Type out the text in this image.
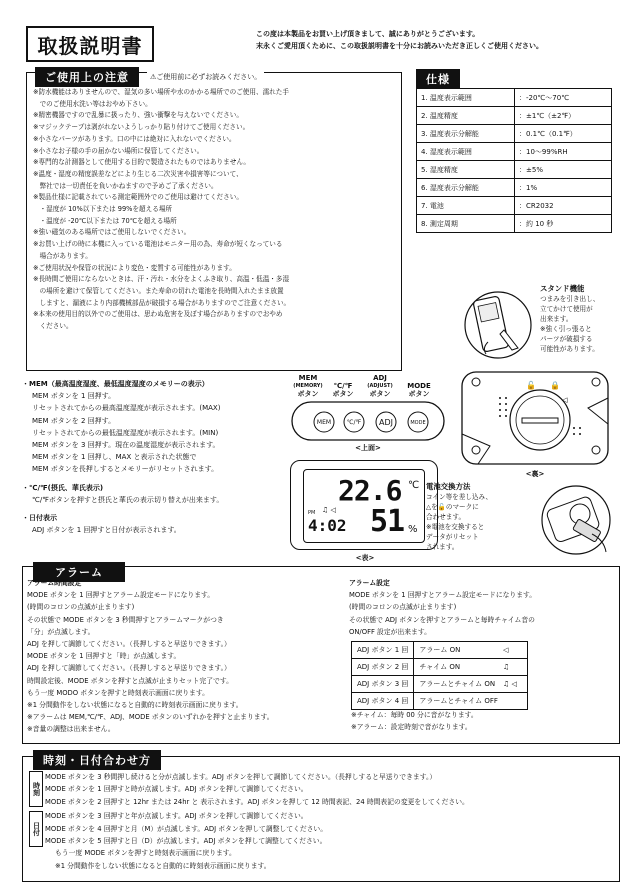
取扱説明書	この度は本製品をお買い上げ頂きまして、誠にありがとうございます。
末永くご愛用頂くために、この取扱説明書を十分にお読みいただき正しくご使用ください。
ご使用上の注意	⚠ご使用前に必ずお読みください。
※防水機能はありませんので、湿気の多い場所や水のかかる場所でのご使用、濡れた手
　でのご使用水洗い等はおやめ下さい。
※精密機器ですので乱暴に扱ったり、強い衝撃を与えないでください。
※マジックテープは剥がれないようしっかり貼り付けてご使用ください。
※小さなパーツがあります。口の中には絶対に入れないでください。
※小さなお子様の手の届かない場所に保管してください。
※専門的な計測器として使用する目的で製造されたものではありません。
※温度・湿度の精度誤差などにより生じる二次災害や損害等について、
　弊社では一切責任を負いかねますので予めご了承ください。
※製品仕様に記載されている測定範囲外でのご使用は避けてください。
　・湿度が 10%以下または 99%を超える場所
　・温度が -20℃以下または 70℃を超える場所
※強い磁気のある場所ではご使用しないでください。
※お買い上げの時に本機に入っている電池はモニター用の為、寿命が短くなっている
　場合があります。
※ご使用状況や保管の状況により変色・変質する可能性があります。
※長時間ご使用にならないときは、汗・汚れ・水分をよくふき取り、高温・低温・多湿
　の場所を避けて保管してください。また寿命の切れた電池を長時間入れたまま放置
　しますと、漏液により内部機械部品が破損する場合がありますのでご注意ください。
※本来の使用目的以外でのご使用は、思わぬ危害を及ぼす場合がありますのでおやめ
　ください。
仕様
1. 温度表示範囲	：-20℃〜70℃
2. 温度精度	：±1℃（±2℉）
3. 温度表示分解能	：0.1℃（0.1℉）
4. 湿度表示範囲	：10〜99%RH
5. 湿度精度	：±5%
6. 湿度表示分解能	：1%
7. 電池	：CR2032
8. 測定周期	：約 10 秒
スタンド機能
つまみを引き出し、
立てかけて使用が
出来ます。
※強く引っ張ると
パーツが破損する
可能性があります。
🔓 🔒
◁
<裏>
電池交換方法
コイン等を差し込み、
△を🔓のマークに
合わせます。
※電池を交換すると
データがリセット
されます。
MEM
(MEMORY)
ボタン
℃/℉
ボタン
ADJ
(ADJUST)
ボタン
MODE
ボタン
MEM	℃/℉ ADJ	MODE
<上面>
22.6 ℃
PM ♫ ◁
4:02 51 %
<表>
・MEM（最高温度湿度、最低温度湿度のメモリーの表示）
MEM ボタンを 1 回押す。
リセットされてからの最高温度湿度が表示されます。(MAX)
MEM ボタンを 2 回押す。
リセットされてからの最低温度湿度が表示されます。(MIN)
MEM ボタンを 3 回押す。現在の温度湿度が表示されます。
MEM ボタンを 1 回押し、MAX と表示された状態で
MEM ボタンを長押しするとメモリーがリセットされます。
・℃/℉(摂氏、華氏表示)
℃/℉ボタンを押すと摂氏と華氏の表示切り替えが出来ます。
・日付表示
ADJ ボタンを 1 回押すと日付が表示されます。
アラーム
アラーム時間設定
MODE ボタンを 1 回押すとアラーム設定モードになります。
(時間のコロンの点滅が止まります)
その状態で MODE ボタンを 3 秒間押すとアラームマークがつき
「分」が点滅します。
ADJ を押して調節してください。（長押しすると早送りできます。）
MODE ボタンを 1 回押すと「時」が点滅します。
ADJ を押して調節してください。（長押しすると早送りできます。）
時間設定後、MODE ボタンを押すと点滅が止まりセット完了です。
もう一度 MODO ボタンを押すと時刻表示画面に戻ります。
※1 分間動作をしない状態になると自動的に時刻表示画面に戻ります。
※アラームは MEM,℃/℉、ADJ、MODE ボタンのいずれかを押すと止まります。
※音量の調整は出来ません。
アラーム設定
MODE ボタンを 1 回押すとアラーム設定モードになります。
(時間のコロンの点滅が止まります)
その状態で ADJ ボタンを押すとアラームと毎時チャイム音の
ON/OFF 設定が出来ます。
ADJ ボタン 1 回	アラーム ON	◁
ADJ ボタン 2 回	チャイム ON	♫
ADJ ボタン 3 回	アラームとチャイム ON	♫ ◁
ADJ ボタン 4 回	アラームとチャイム OFF	
※チャイム：毎時 00 分に音がなります。
※アラーム：設定時刻で音がなります。
時刻・日付合わせ方
時刻
日付
MODE ボタンを 3 秒間押し続けると分が点滅します。ADJ ボタンを押して調節してください。（長押しすると早送りできます。）
MODE ボタンを 1 回押すと時が点滅します。ADJ ボタンを押して調節してください。
MODE ボタンを 2 回押すと 12hr または 24hr と 表示されます。ADJ ボタンを押して 12 時間表記、24 時間表記の変更をしてください。
MODE ボタンを 3 回押すと年が点滅します。ADJ ボタンを押して調節してください。
MODE ボタンを 4 回押すと月（M）が点滅します。ADJ ボタンを押して調整してください。
MODE ボタンを 5 回押すと日（D）が点滅します。ADJ ボタンを押して調整してください。
もう一度 MODE ボタンを押すと時刻表示画面に戻ります。
※1 分間動作をしない状態になると自動的に時刻表示画面に戻ります。
